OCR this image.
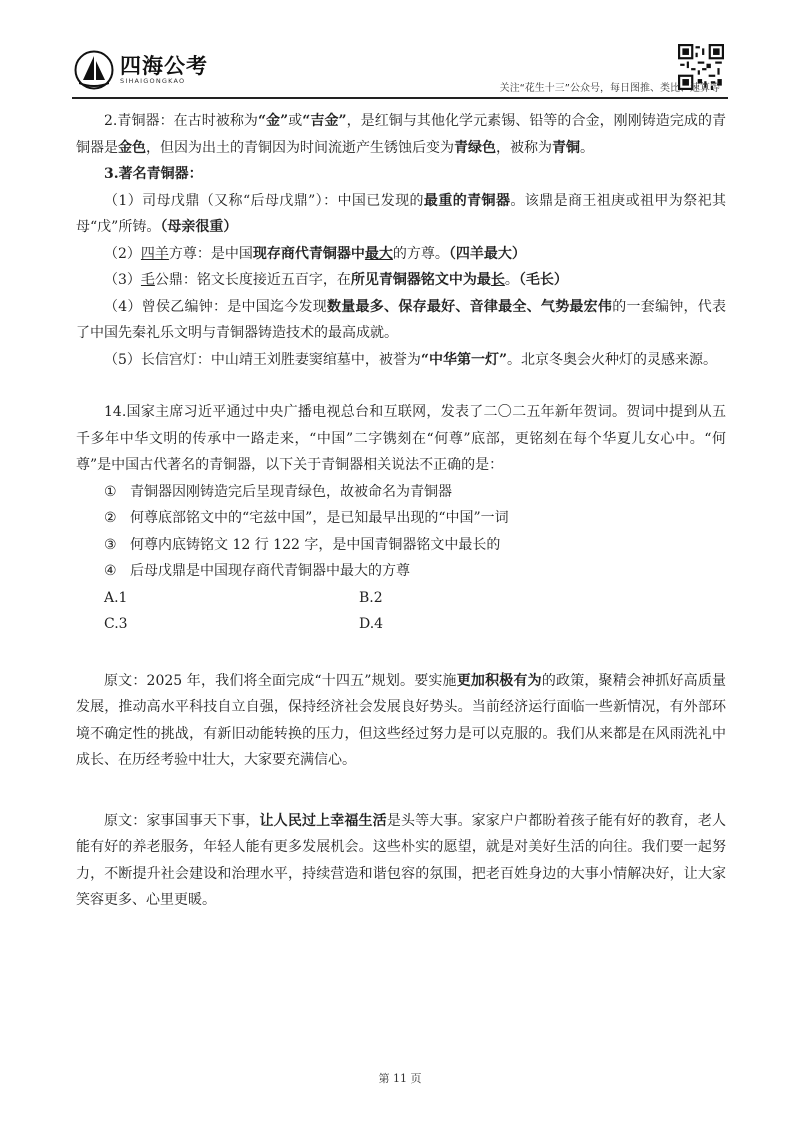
四海公考
SIHAIGONGKAO
关注“花生十三”公众号，每日图推、类比、速算等

2.青铜器：在古时被称为“金”或“吉金”，是红铜与其他化学元素锡、铅等的合金，刚刚铸造完成的青铜器是金色，但因为出土的青铜因为时间流逝产生锈蚀后变为青绿色，被称为青铜。

3.著名青铜器：

（1）司母戊鼎（又称“后母戊鼎”）：中国已发现的最重的青铜器。该鼎是商王祖庚或祖甲为祭祀其母“戊”所铸。（母亲很重）

（2）四羊方尊：是中国现存商代青铜器中最大的方尊。（四羊最大）

（3）毛公鼎：铭文长度接近五百字，在所见青铜器铭文中为最长。（毛长）

（4）曾侯乙编钟：是中国迄今发现数量最多、保存最好、音律最全、气势最宏伟的一套编钟，代表了中国先秦礼乐文明与青铜器铸造技术的最高成就。

（5）长信宫灯：中山靖王刘胜妻窦绾墓中，被誉为“中华第一灯”。北京冬奥会火种灯的灵感来源。

14.国家主席习近平通过中央广播电视总台和互联网，发表了二〇二五年新年贺词。贺词中提到从五千多年中华文明的传承中一路走来，“中国”二字镌刻在“何尊”底部，更铭刻在每个华夏儿女心中。“何尊”是中国古代著名的青铜器，以下关于青铜器相关说法不正确的是：

① 青铜器因刚铸造完后呈现青绿色，故被命名为青铜器

② 何尊底部铭文中的“宅兹中国”，是已知最早出现的“中国”一词

③ 何尊内底铸铭文 12 行 122 字，是中国青铜器铭文中最长的

④ 后母戊鼎是中国现存商代青铜器中最大的方尊

A.1	B.2

C.3	D.4

原文：2025 年，我们将全面完成“十四五”规划。要实施更加积极有为的政策，聚精会神抓好高质量发展，推动高水平科技自立自强，保持经济社会发展良好势头。当前经济运行面临一些新情况，有外部环境不确定性的挑战，有新旧动能转换的压力，但这些经过努力是可以克服的。我们从来都是在风雨洗礼中成长、在历经考验中壮大，大家要充满信心。

原文：家事国事天下事，让人民过上幸福生活是头等大事。家家户户都盼着孩子能有好的教育，老人能有好的养老服务，年轻人能有更多发展机会。这些朴实的愿望，就是对美好生活的向往。我们要一起努力，不断提升社会建设和治理水平，持续营造和谐包容的氛围，把老百姓身边的大事小情解决好，让大家笑容更多、心里更暖。

第 11 页
